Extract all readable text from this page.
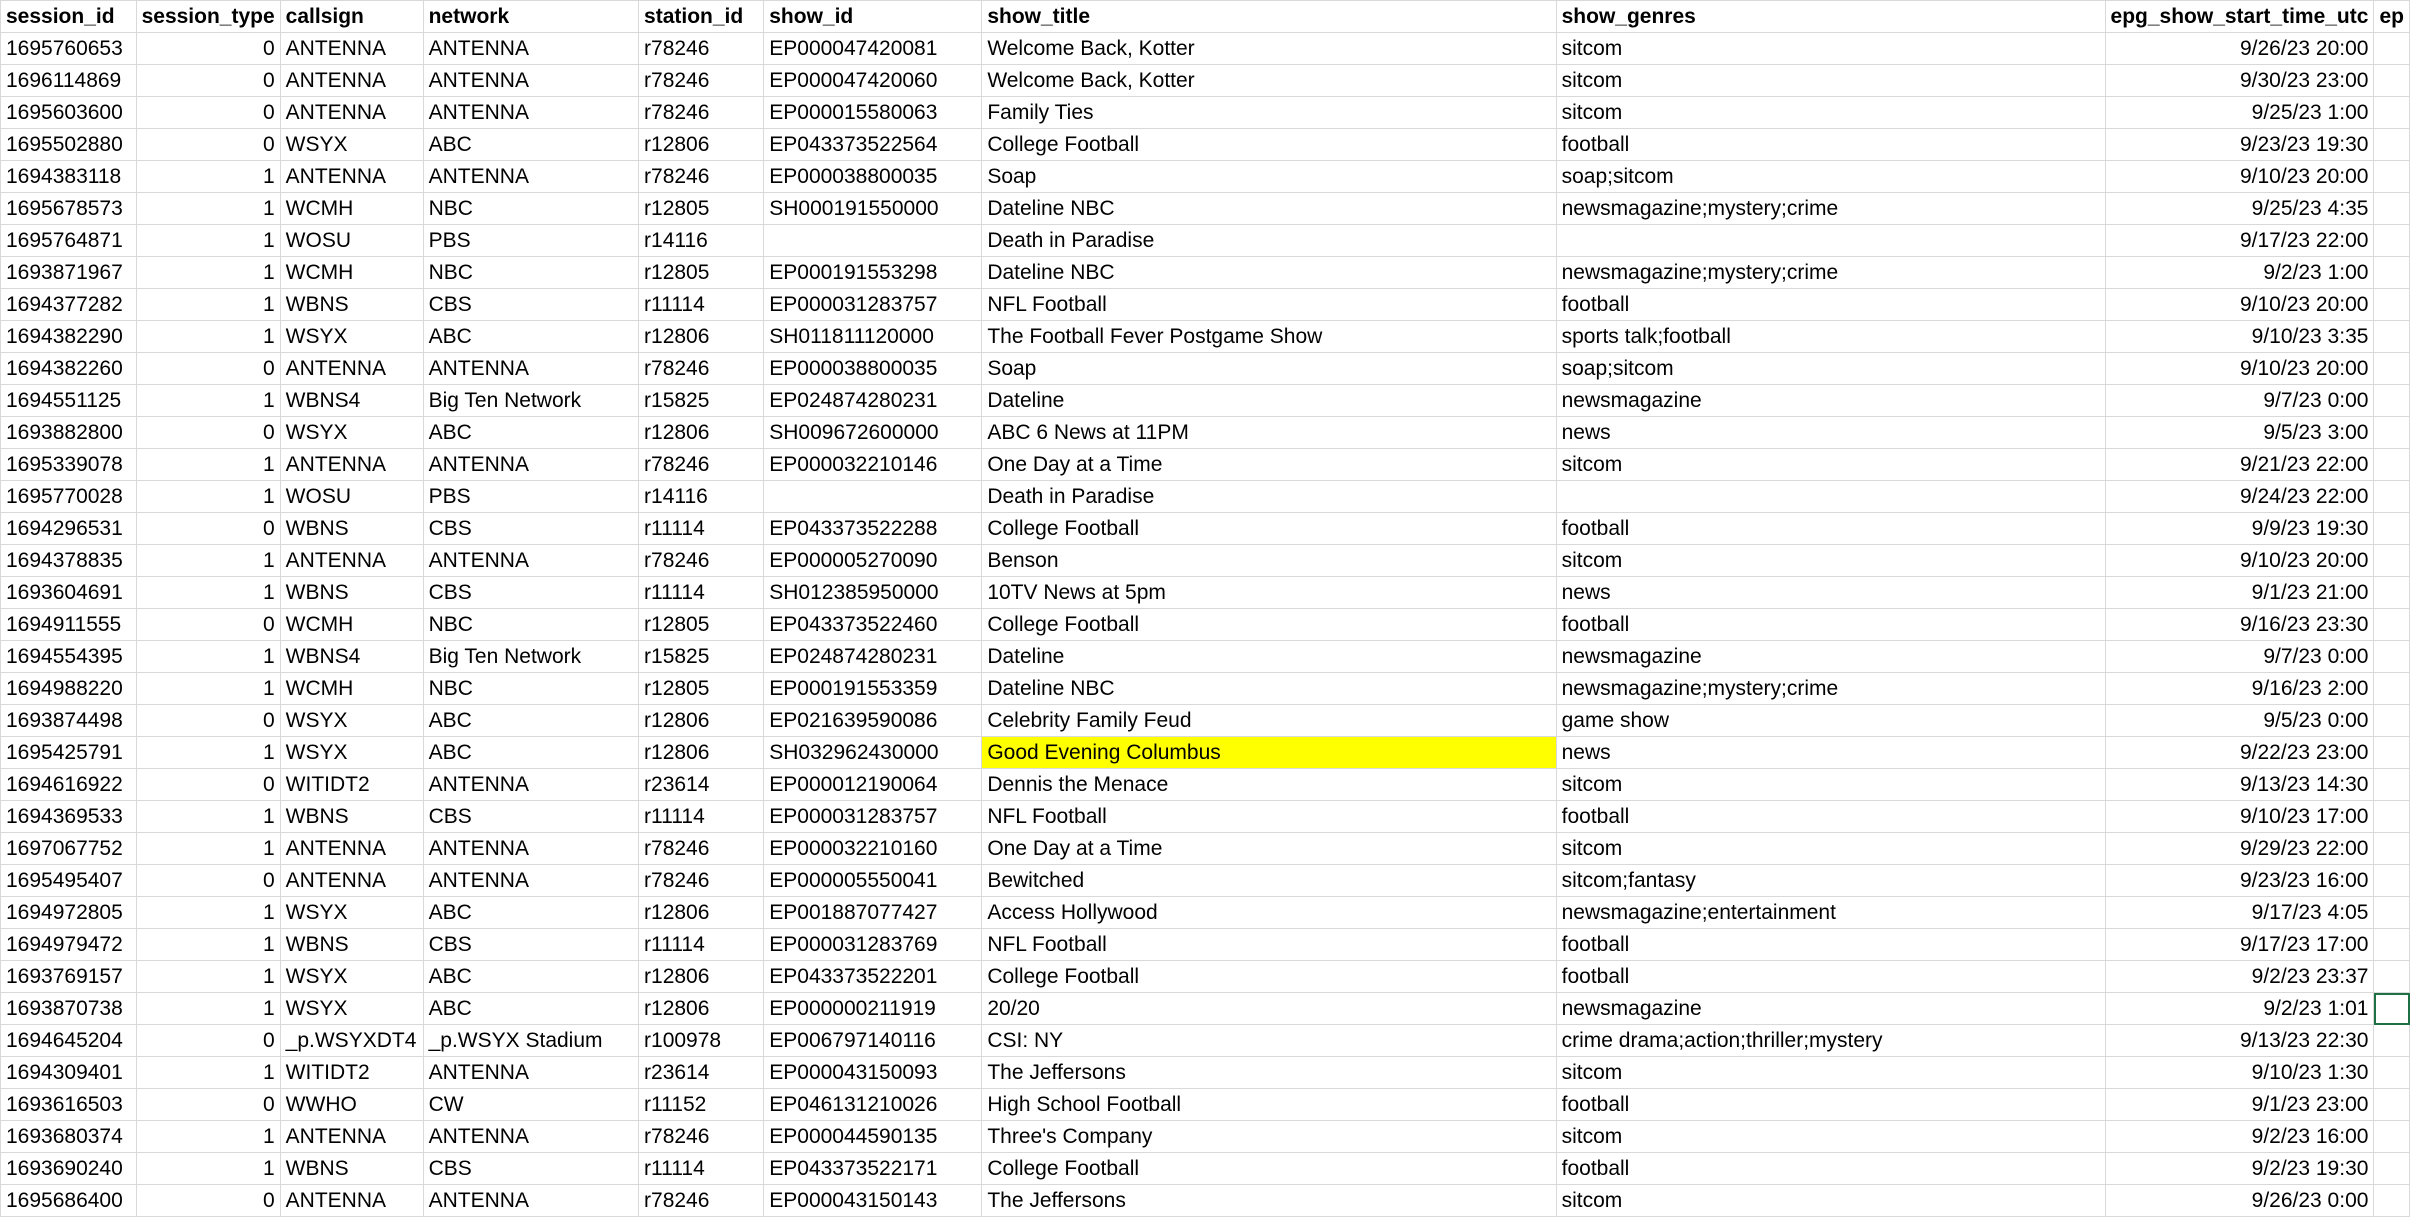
session_id	session_type	callsign	network	station_id	show_id	show_title	show_genres	epg_show_start_time_utc	ep
1695760653	0	ANTENNA	ANTENNA	r78246	EP000047420081	Welcome Back, Kotter	sitcom	9/26/23 20:00	
1696114869	0	ANTENNA	ANTENNA	r78246	EP000047420060	Welcome Back, Kotter	sitcom	9/30/23 23:00	
1695603600	0	ANTENNA	ANTENNA	r78246	EP000015580063	Family Ties	sitcom	9/25/23 1:00	
1695502880	0	WSYX	ABC	r12806	EP043373522564	College Football	football	9/23/23 19:30	
1694383118	1	ANTENNA	ANTENNA	r78246	EP000038800035	Soap	soap;sitcom	9/10/23 20:00	
1695678573	1	WCMH	NBC	r12805	SH000191550000	Dateline NBC	newsmagazine;mystery;crime	9/25/23 4:35	
1695764871	1	WOSU	PBS	r14116		Death in Paradise		9/17/23 22:00	
1693871967	1	WCMH	NBC	r12805	EP000191553298	Dateline NBC	newsmagazine;mystery;crime	9/2/23 1:00	
1694377282	1	WBNS	CBS	r11114	EP000031283757	NFL Football	football	9/10/23 20:00	
1694382290	1	WSYX	ABC	r12806	SH011811120000	The Football Fever Postgame Show	sports talk;football	9/10/23 3:35	
1694382260	0	ANTENNA	ANTENNA	r78246	EP000038800035	Soap	soap;sitcom	9/10/23 20:00	
1694551125	1	WBNS4	Big Ten Network	r15825	EP024874280231	Dateline	newsmagazine	9/7/23 0:00	
1693882800	0	WSYX	ABC	r12806	SH009672600000	ABC 6 News at 11PM	news	9/5/23 3:00	
1695339078	1	ANTENNA	ANTENNA	r78246	EP000032210146	One Day at a Time	sitcom	9/21/23 22:00	
1695770028	1	WOSU	PBS	r14116		Death in Paradise		9/24/23 22:00	
1694296531	0	WBNS	CBS	r11114	EP043373522288	College Football	football	9/9/23 19:30	
1694378835	1	ANTENNA	ANTENNA	r78246	EP000005270090	Benson	sitcom	9/10/23 20:00	
1693604691	1	WBNS	CBS	r11114	SH012385950000	10TV News at 5pm	news	9/1/23 21:00	
1694911555	0	WCMH	NBC	r12805	EP043373522460	College Football	football	9/16/23 23:30	
1694554395	1	WBNS4	Big Ten Network	r15825	EP024874280231	Dateline	newsmagazine	9/7/23 0:00	
1694988220	1	WCMH	NBC	r12805	EP000191553359	Dateline NBC	newsmagazine;mystery;crime	9/16/23 2:00	
1693874498	0	WSYX	ABC	r12806	EP021639590086	Celebrity Family Feud	game show	9/5/23 0:00	
1695425791	1	WSYX	ABC	r12806	SH032962430000	Good Evening Columbus	news	9/22/23 23:00	
1694616922	0	WITIDT2	ANTENNA	r23614	EP000012190064	Dennis the Menace	sitcom	9/13/23 14:30	
1694369533	1	WBNS	CBS	r11114	EP000031283757	NFL Football	football	9/10/23 17:00	
1697067752	1	ANTENNA	ANTENNA	r78246	EP000032210160	One Day at a Time	sitcom	9/29/23 22:00	
1695495407	0	ANTENNA	ANTENNA	r78246	EP000005550041	Bewitched	sitcom;fantasy	9/23/23 16:00	
1694972805	1	WSYX	ABC	r12806	EP001887077427	Access Hollywood	newsmagazine;entertainment	9/17/23 4:05	
1694979472	1	WBNS	CBS	r11114	EP000031283769	NFL Football	football	9/17/23 17:00	
1693769157	1	WSYX	ABC	r12806	EP043373522201	College Football	football	9/2/23 23:37	
1693870738	1	WSYX	ABC	r12806	EP000000211919	20/20	newsmagazine	9/2/23 1:01	
1694645204	0	_p.WSYXDT4	_p.WSYX Stadium	r100978	EP006797140116	CSI: NY	crime drama;action;thriller;mystery	9/13/23 22:30	
1694309401	1	WITIDT2	ANTENNA	r23614	EP000043150093	The Jeffersons	sitcom	9/10/23 1:30	
1693616503	0	WWHO	CW	r11152	EP046131210026	High School Football	football	9/1/23 23:00	
1693680374	1	ANTENNA	ANTENNA	r78246	EP000044590135	Three's Company	sitcom	9/2/23 16:00	
1693690240	1	WBNS	CBS	r11114	EP043373522171	College Football	football	9/2/23 19:30	
1695686400	0	ANTENNA	ANTENNA	r78246	EP000043150143	The Jeffersons	sitcom	9/26/23 0:00	
